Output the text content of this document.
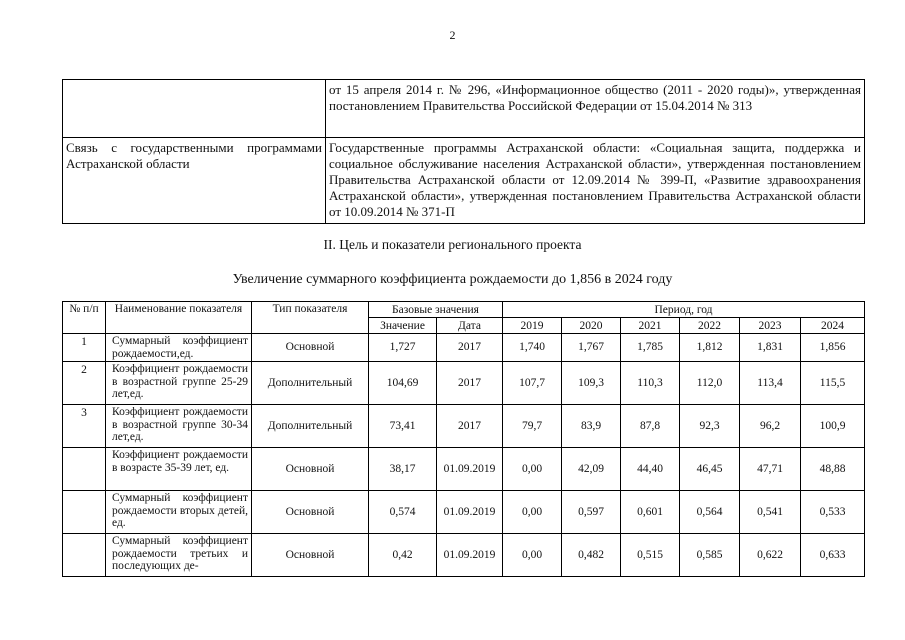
2
	от 15 апреля 2014 г. № 296, «Информационное общество (2011 - 2020 годы)», утвержденная постановлением Правительства Российской Федерации от 15.04.2014 № 313
Связь с государственными программами Астраханской области	Государственные программы Астраханской области: «Социальная защита, поддержка и социальное обслуживание населения Астраханской области», утвержденная постановлением Правительства Астраханской области от 12.09.2014 № 399-П, «Развитие здравоохранения Астраханской области», утвержденная постановлением Правительства Астраханской области от 10.09.2014 № 371-П
II. Цель и показатели регионального проекта
Увеличение суммарного коэффициента рождаемости до 1,856 в 2024 году
№ п/п	Наименование показателя	Тип показателя	Базовые значения		Период, год					
			Значение	Дата	2019	2020	2021	2022	2023	2024
1	Суммарный коэффициент рождаемости,ед.	Основной	1,727	2017	1,740	1,767	1,785	1,812	1,831	1,856
2	Коэффициент рождаемости в возрастной группе 25-29 лет,ед.	Дополнительный	104,69	2017	107,7	109,3	110,3	112,0	113,4	115,5
3	Коэффициент рождаемости в возрастной группе 30-34 лет,ед.	Дополнительный	73,41	2017	79,7	83,9	87,8	92,3	96,2	100,9
	Коэффициент рождаемости в возрасте 35-39 лет, ед.	Основной	38,17	01.09.2019	0,00	42,09	44,40	46,45	47,71	48,88
	Суммарный коэффициент рождаемости вторых детей, ед.	Основной	0,574	01.09.2019	0,00	0,597	0,601	0,564	0,541	0,533
	Суммарный коэффициент рождаемости третьих и последующих де-	Основной	0,42	01.09.2019	0,00	0,482	0,515	0,585	0,622	0,633
